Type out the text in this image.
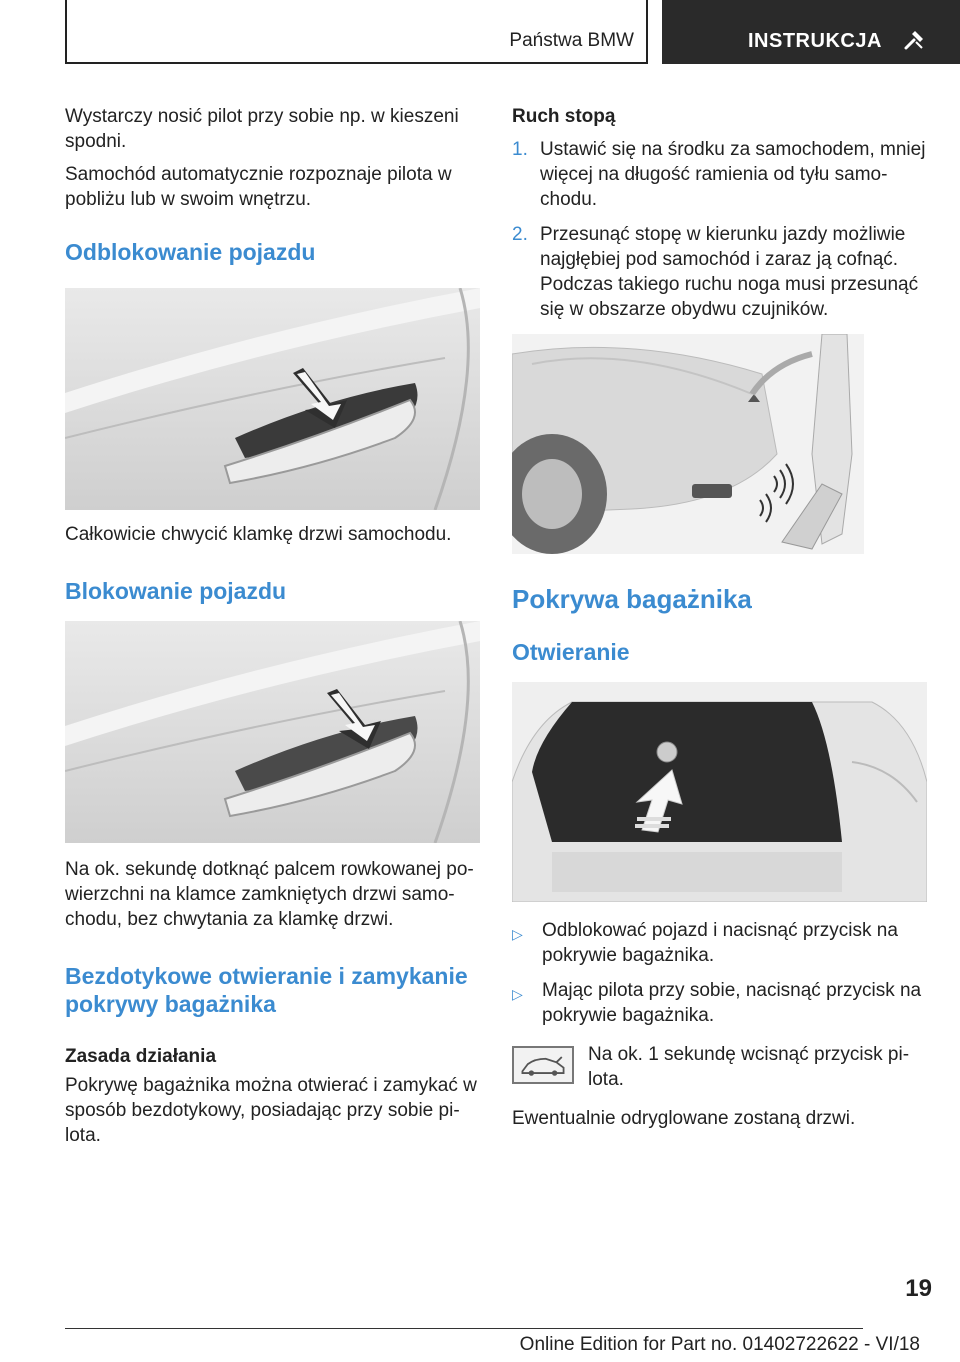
Państwa BMW	INSTRUKCJA

Wystarczy nosić pilot przy sobie np. w kieszeni spodni.

Samochód automatycznie rozpoznaje pilota w pobliżu lub w swoim wnętrzu.

Odblokowanie pojazdu

Całkowicie chwycić klamkę drzwi samochodu.

Blokowanie pojazdu

Na ok. sekundę dotknąć palcem rowkowanej powierzchni na klamce zamkniętych drzwi samochodu, bez chwytania za klamkę drzwi.

Bezdotykowe otwieranie i zamykanie pokrywy bagażnika
Zasada działania

Pokrywę bagażnika można otwierać i zamykać w sposób bezdotykowy, posiadając przy sobie pilota.

Ruch stopą
1. Ustawić się na środku za samochodem, mniej więcej na długość ramienia od tyłu samochodu.
2. Przesunąć stopę w kierunku jazdy możliwie najgłębiej pod samochód i zaraz ją cofnąć. Podczas takiego ruchu noga musi przesunąć się w obszarze obydwu czujników.
Pokrywa bagażnika
Otwieranie
▷	Odblokować pojazd i nacisnąć przycisk na pokrywie bagażnika.
▷	Mając pilota przy sobie, nacisnąć przycisk na pokrywie bagażnika.

Na ok. 1 sekundę wcisnąć przycisk pilota.

Ewentualnie odryglowane zostaną drzwi.

19
Online Edition for Part no. 01402722622 - VI/18
